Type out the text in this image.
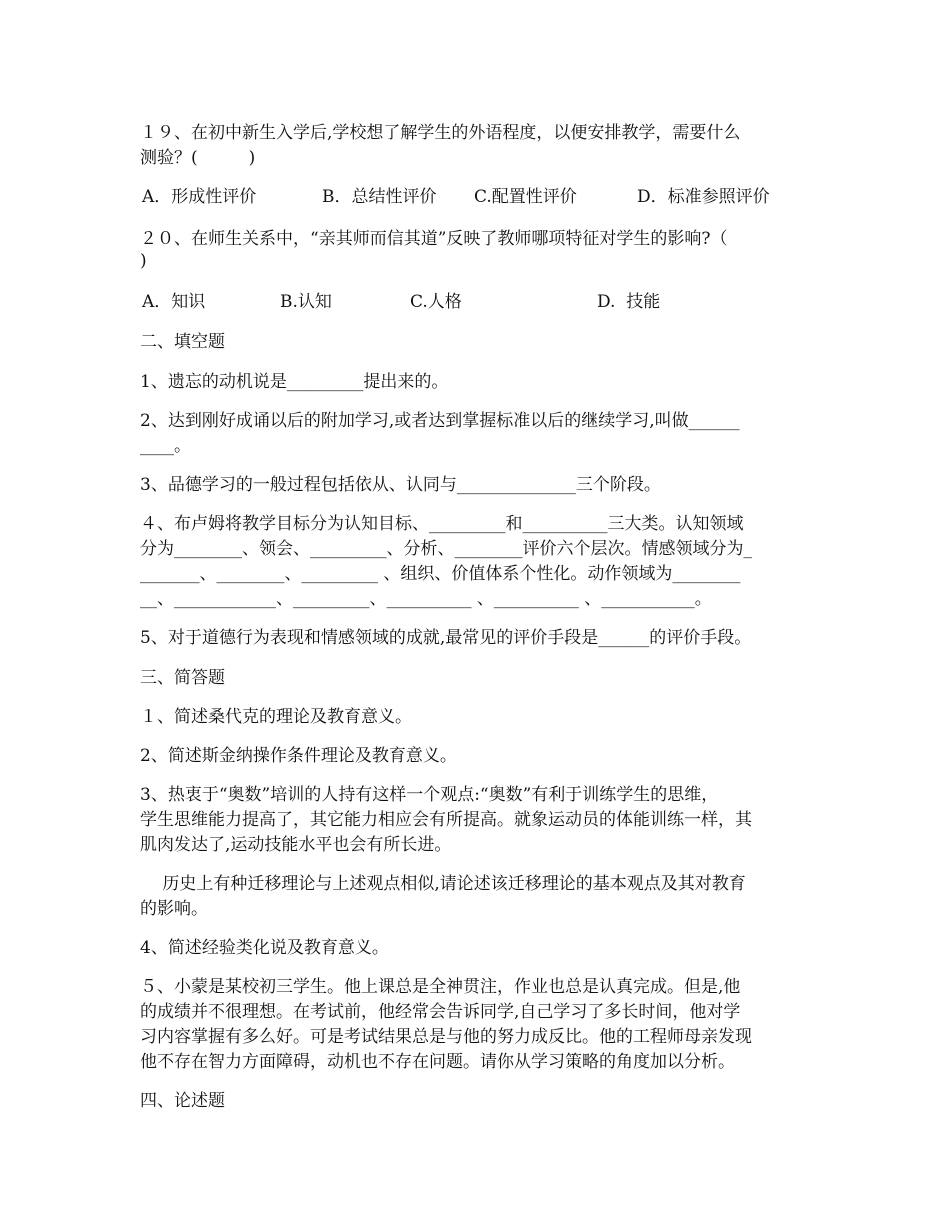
１９、在初中新生入学后,学校想了解学生的外语程度，以便安排教学，需要什么
测验？(　　　)
A．形成性评价	B．总结性评价 C.配置性评价	D．标准参照评价
２０、在师生关系中，“亲其师而信其道”反映了教师哪项特征对学生的影响?（
)
A．知识	B.认知	C.人格	D.  技能
二、填空题
1、遗忘的动机说是_________提出来的。
2、达到刚好成诵以后的附加学习,或者达到掌握标准以后的继续学习,叫做______
____。
3、品德学习的一般过程包括依从、认同与______________三个阶段。
４、布卢姆将教学目标分为认知目标、_________和__________三大类。认知领域
分为________、领会、_________、分析、________评价六个层次。情感领域分为_
_______、________、_________ 、组织、价值体系个性化。动作领域为________
__、____________、_________、__________ 、__________ 、___________。
5、对于道德行为表现和情感领域的成就,最常见的评价手段是______的评价手段。
三、简答题
１、简述桑代克的理论及教育意义。
2、简述斯金纳操作条件理论及教育意义。
3、热衷于“奥数”培训的人持有这样一个观点:“奥数”有利于训练学生的思维，
学生思维能力提高了，其它能力相应会有所提高。就象运动员的体能训练一样，其
肌肉发达了,运动技能水平也会有所长进。
　 历史上有种迁移理论与上述观点相似,请论述该迁移理论的基本观点及其对教育
的影响。
4、简述经验类化说及教育意义。
５、小蒙是某校初三学生。他上课总是全神贯注，作业也总是认真完成。但是,他
的成绩并不很理想。在考试前，他经常会告诉同学,自己学习了多长时间，他对学
习内容掌握有多么好。可是考试结果总是与他的努力成反比。他的工程师母亲发现
他不存在智力方面障碍，动机也不存在问题。请你从学习策略的角度加以分析。
四、论述题
